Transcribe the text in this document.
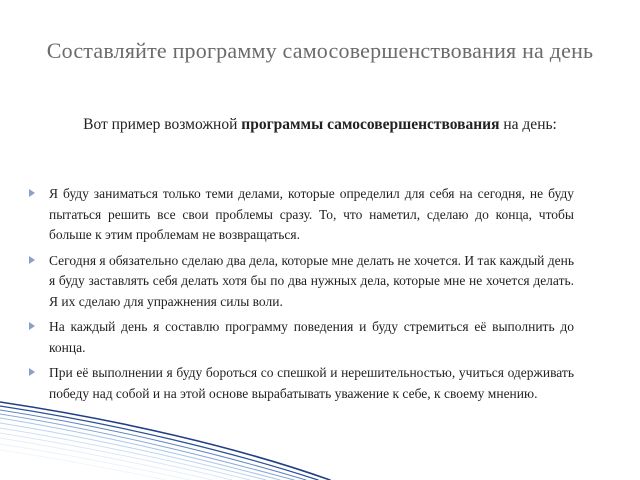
Составляйте программу самосовершенствования на день
Вот пример возможной программы самосовершенствования на день:
Я буду заниматься только теми делами, которые определил для себя на сегодня, не буду пытаться решить все свои проблемы сразу. То, что наметил, сделаю до конца, чтобы больше к этим проблемам не возвращаться.
Сегодня я обязательно сделаю два дела, которые мне делать не хочется. И так каждый день я буду заставлять себя делать хотя бы по два нужных дела, которые мне не хочется делать. Я их сделаю для упражнения силы воли.
На каждый день я составлю программу поведения и буду стремиться её выполнить до конца.
При её выполнении я буду бороться со спешкой и нерешительностью, учиться одерживать победу над собой и на этой основе вырабатывать уважение к себе, к своему мнению.
